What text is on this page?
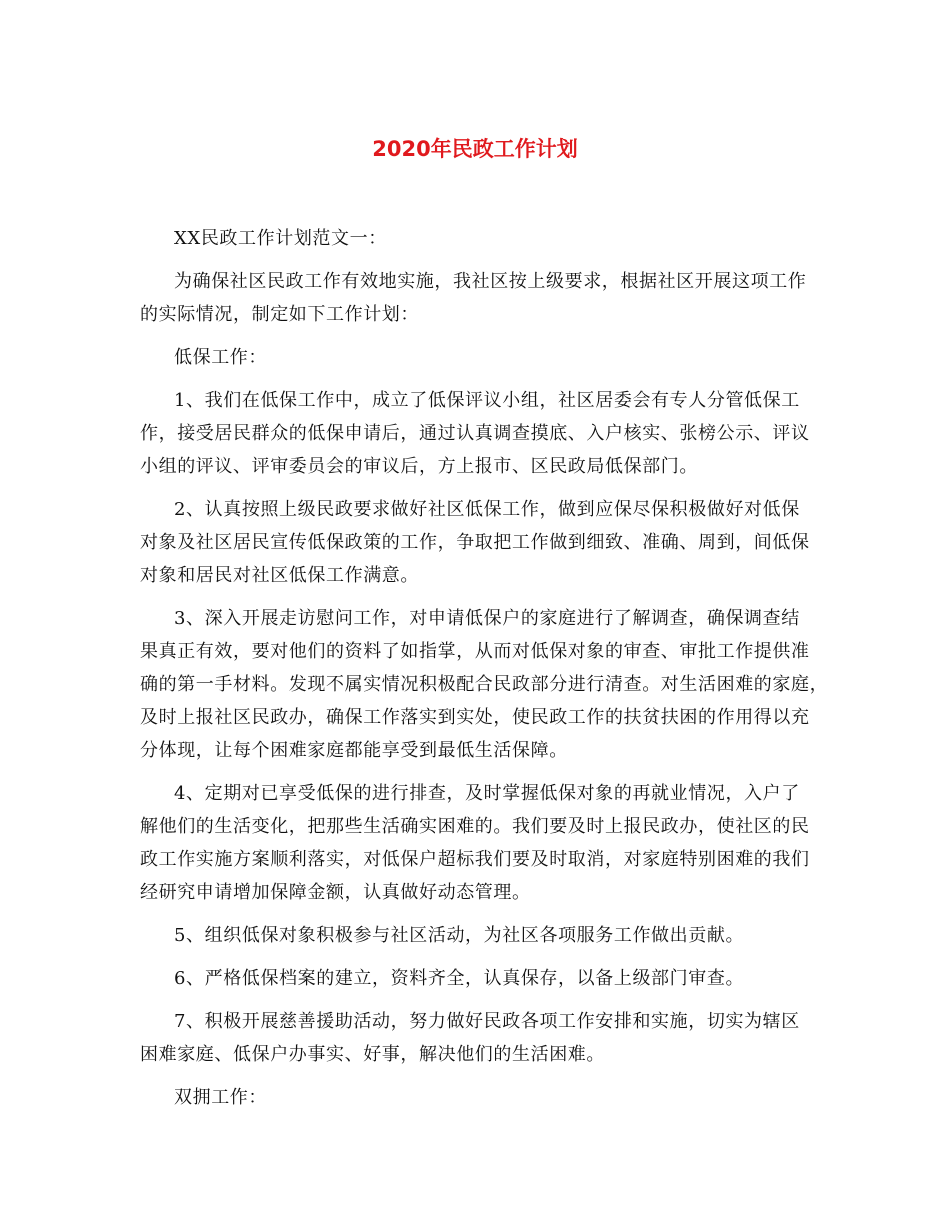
2020年民政工作计划

XX民政工作计划范文一：

为确保社区民政工作有效地实施，我社区按上级要求，根据社区开展这项工作
的实际情况，制定如下工作计划：

低保工作：

1、我们在低保工作中，成立了低保评议小组，社区居委会有专人分管低保工
作，接受居民群众的低保申请后，通过认真调查摸底、入户核实、张榜公示、评议
小组的评议、评审委员会的审议后，方上报市、区民政局低保部门。

2、认真按照上级民政要求做好社区低保工作，做到应保尽保积极做好对低保
对象及社区居民宣传低保政策的工作，争取把工作做到细致、准确、周到，间低保
对象和居民对社区低保工作满意。

3、深入开展走访慰问工作，对申请低保户的家庭进行了解调查，确保调查结
果真正有效，要对他们的资料了如指掌，从而对低保对象的审查、审批工作提供准
确的第一手材料。发现不属实情况积极配合民政部分进行清查。对生活困难的家庭，
及时上报社区民政办，确保工作落实到实处，使民政工作的扶贫扶困的作用得以充
分体现，让每个困难家庭都能享受到最低生活保障。

4、定期对已享受低保的进行排查，及时掌握低保对象的再就业情况，入户了
解他们的生活变化，把那些生活确实困难的。我们要及时上报民政办，使社区的民
政工作实施方案顺利落实，对低保户超标我们要及时取消，对家庭特别困难的我们
经研究申请增加保障金额，认真做好动态管理。

5、组织低保对象积极参与社区活动，为社区各项服务工作做出贡献。

6、严格低保档案的建立，资料齐全，认真保存，以备上级部门审查。

7、积极开展慈善援助活动，努力做好民政各项工作安排和实施，切实为辖区
困难家庭、低保户办事实、好事，解决他们的生活困难。

双拥工作：
